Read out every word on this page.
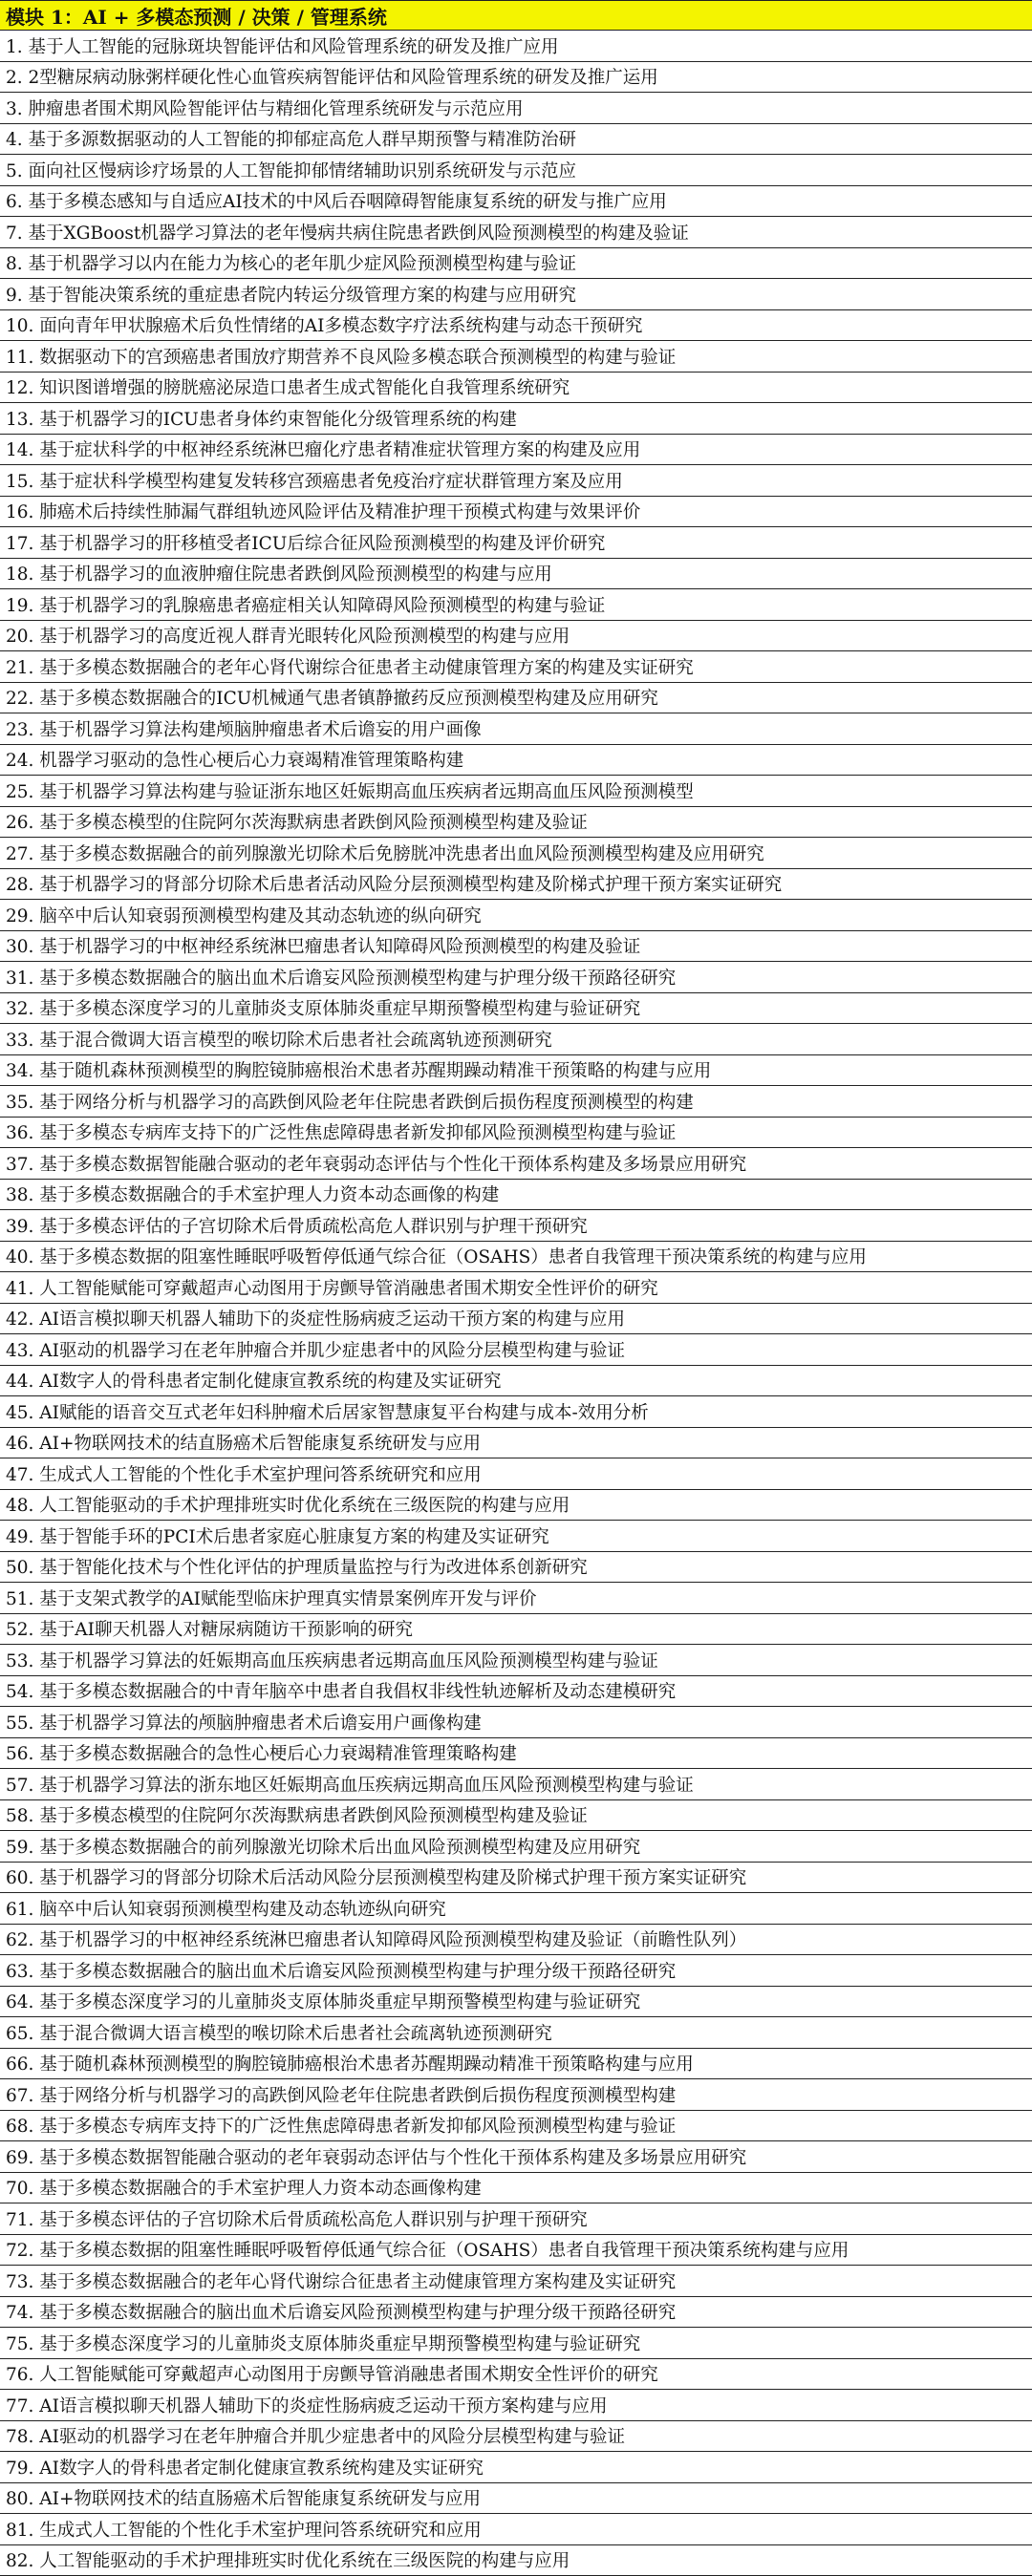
模块 1：AI + 多模态预测 / 决策 / 管理系统
1. 基于人工智能的冠脉斑块智能评估和风险管理系统的研发及推广应用
2. 2型糖尿病动脉粥样硬化性心血管疾病智能评估和风险管理系统的研发及推广运用
3. 肿瘤患者围术期风险智能评估与精细化管理系统研发与示范应用
4. 基于多源数据驱动的人工智能的抑郁症高危人群早期预警与精准防治研
5. 面向社区慢病诊疗场景的人工智能抑郁情绪辅助识别系统研发与示范应
6. 基于多模态感知与自适应AI技术的中风后吞咽障碍智能康复系统的研发与推广应用
7. 基于XGBoost机器学习算法的老年慢病共病住院患者跌倒风险预测模型的构建及验证
8. 基于机器学习以内在能力为核心的老年肌少症风险预测模型构建与验证
9. 基于智能决策系统的重症患者院内转运分级管理方案的构建与应用研究
10. 面向青年甲状腺癌术后负性情绪的AI多模态数字疗法系统构建与动态干预研究
11. 数据驱动下的宫颈癌患者围放疗期营养不良风险多模态联合预测模型的构建与验证
12. 知识图谱增强的膀胱癌泌尿造口患者生成式智能化自我管理系统研究
13. 基于机器学习的ICU患者身体约束智能化分级管理系统的构建
14. 基于症状科学的中枢神经系统淋巴瘤化疗患者精准症状管理方案的构建及应用
15. 基于症状科学模型构建复发转移宫颈癌患者免疫治疗症状群管理方案及应用
16. 肺癌术后持续性肺漏气群组轨迹风险评估及精准护理干预模式构建与效果评价
17. 基于机器学习的肝移植受者ICU后综合征风险预测模型的构建及评价研究
18. 基于机器学习的血液肿瘤住院患者跌倒风险预测模型的构建与应用
19. 基于机器学习的乳腺癌患者癌症相关认知障碍风险预测模型的构建与验证
20. 基于机器学习的高度近视人群青光眼转化风险预测模型的构建与应用
21. 基于多模态数据融合的老年心肾代谢综合征患者主动健康管理方案的构建及实证研究
22. 基于多模态数据融合的ICU机械通气患者镇静撤药反应预测模型构建及应用研究
23. 基于机器学习算法构建颅脑肿瘤患者术后谵妄的用户画像
24. 机器学习驱动的急性心梗后心力衰竭精准管理策略构建
25. 基于机器学习算法构建与验证浙东地区妊娠期高血压疾病者远期高血压风险预测模型
26. 基于多模态模型的住院阿尔茨海默病患者跌倒风险预测模型构建及验证
27. 基于多模态数据融合的前列腺激光切除术后免膀胱冲洗患者出血风险预测模型构建及应用研究
28. 基于机器学习的肾部分切除术后患者活动风险分层预测模型构建及阶梯式护理干预方案实证研究
29. 脑卒中后认知衰弱预测模型构建及其动态轨迹的纵向研究
30. 基于机器学习的中枢神经系统淋巴瘤患者认知障碍风险预测模型的构建及验证
31. 基于多模态数据融合的脑出血术后谵妄风险预测模型构建与护理分级干预路径研究
32. 基于多模态深度学习的儿童肺炎支原体肺炎重症早期预警模型构建与验证研究
33. 基于混合微调大语言模型的喉切除术后患者社会疏离轨迹预测研究
34. 基于随机森林预测模型的胸腔镜肺癌根治术患者苏醒期躁动精准干预策略的构建与应用
35. 基于网络分析与机器学习的高跌倒风险老年住院患者跌倒后损伤程度预测模型的构建
36. 基于多模态专病库支持下的广泛性焦虑障碍患者新发抑郁风险预测模型构建与验证
37. 基于多模态数据智能融合驱动的老年衰弱动态评估与个性化干预体系构建及多场景应用研究
38. 基于多模态数据融合的手术室护理人力资本动态画像的构建
39. 基于多模态评估的子宫切除术后骨质疏松高危人群识别与护理干预研究
40. 基于多模态数据的阻塞性睡眠呼吸暂停低通气综合征（OSAHS）患者自我管理干预决策系统的构建与应用
41. 人工智能赋能可穿戴超声心动图用于房颤导管消融患者围术期安全性评价的研究
42. AI语言模拟聊天机器人辅助下的炎症性肠病疲乏运动干预方案的构建与应用
43. AI驱动的机器学习在老年肿瘤合并肌少症患者中的风险分层模型构建与验证
44. AI数字人的骨科患者定制化健康宣教系统的构建及实证研究
45. AI赋能的语音交互式老年妇科肿瘤术后居家智慧康复平台构建与成本-效用分析
46. AI+物联网技术的结直肠癌术后智能康复系统研发与应用
47. 生成式人工智能的个性化手术室护理问答系统研究和应用
48. 人工智能驱动的手术护理排班实时优化系统在三级医院的构建与应用
49. 基于智能手环的PCI术后患者家庭心脏康复方案的构建及实证研究
50. 基于智能化技术与个性化评估的护理质量监控与行为改进体系创新研究
51. 基于支架式教学的AI赋能型临床护理真实情景案例库开发与评价
52. 基于AI聊天机器人对糖尿病随访干预影响的研究
53. 基于机器学习算法的妊娠期高血压疾病患者远期高血压风险预测模型构建与验证
54. 基于多模态数据融合的中青年脑卒中患者自我倡权非线性轨迹解析及动态建模研究
55. 基于机器学习算法的颅脑肿瘤患者术后谵妄用户画像构建
56. 基于多模态数据融合的急性心梗后心力衰竭精准管理策略构建
57. 基于机器学习算法的浙东地区妊娠期高血压疾病远期高血压风险预测模型构建与验证
58. 基于多模态模型的住院阿尔茨海默病患者跌倒风险预测模型构建及验证
59. 基于多模态数据融合的前列腺激光切除术后出血风险预测模型构建及应用研究
60. 基于机器学习的肾部分切除术后活动风险分层预测模型构建及阶梯式护理干预方案实证研究
61. 脑卒中后认知衰弱预测模型构建及动态轨迹纵向研究
62. 基于机器学习的中枢神经系统淋巴瘤患者认知障碍风险预测模型构建及验证（前瞻性队列）
63. 基于多模态数据融合的脑出血术后谵妄风险预测模型构建与护理分级干预路径研究
64. 基于多模态深度学习的儿童肺炎支原体肺炎重症早期预警模型构建与验证研究
65. 基于混合微调大语言模型的喉切除术后患者社会疏离轨迹预测研究
66. 基于随机森林预测模型的胸腔镜肺癌根治术患者苏醒期躁动精准干预策略构建与应用
67. 基于网络分析与机器学习的高跌倒风险老年住院患者跌倒后损伤程度预测模型构建
68. 基于多模态专病库支持下的广泛性焦虑障碍患者新发抑郁风险预测模型构建与验证
69. 基于多模态数据智能融合驱动的老年衰弱动态评估与个性化干预体系构建及多场景应用研究
70. 基于多模态数据融合的手术室护理人力资本动态画像构建
71. 基于多模态评估的子宫切除术后骨质疏松高危人群识别与护理干预研究
72. 基于多模态数据的阻塞性睡眠呼吸暂停低通气综合征（OSAHS）患者自我管理干预决策系统构建与应用
73. 基于多模态数据融合的老年心肾代谢综合征患者主动健康管理方案构建及实证研究
74. 基于多模态数据融合的脑出血术后谵妄风险预测模型构建与护理分级干预路径研究
75. 基于多模态深度学习的儿童肺炎支原体肺炎重症早期预警模型构建与验证研究
76. 人工智能赋能可穿戴超声心动图用于房颤导管消融患者围术期安全性评价的研究
77. AI语言模拟聊天机器人辅助下的炎症性肠病疲乏运动干预方案构建与应用
78. AI驱动的机器学习在老年肿瘤合并肌少症患者中的风险分层模型构建与验证
79. AI数字人的骨科患者定制化健康宣教系统构建及实证研究
80. AI+物联网技术的结直肠癌术后智能康复系统研发与应用
81. 生成式人工智能的个性化手术室护理问答系统研究和应用
82. 人工智能驱动的手术护理排班实时优化系统在三级医院的构建与应用
